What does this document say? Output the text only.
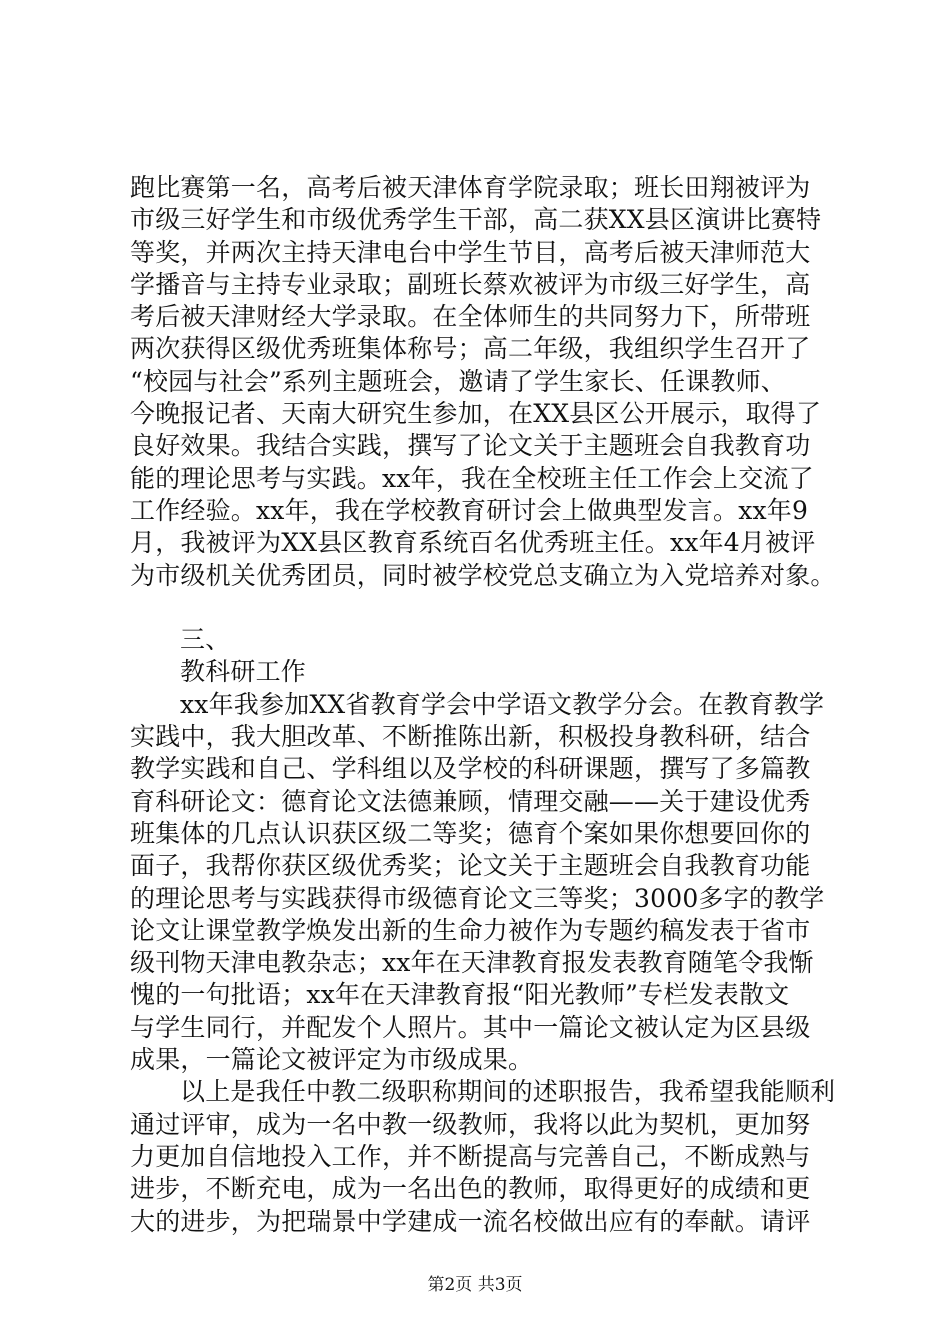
跑比赛第一名，高考后被天津体育学院录取；班长田翔被评为
市级三好学生和市级优秀学生干部，高二获XX县区演讲比赛特
等奖，并两次主持天津电台中学生节目，高考后被天津师范大
学播音与主持专业录取；副班长蔡欢被评为市级三好学生，高
考后被天津财经大学录取。在全体师生的共同努力下，所带班
两次获得区级优秀班集体称号；高二年级，我组织学生召开了
“校园与社会”系列主题班会，邀请了学生家长、任课教师、
今晚报记者、天南大研究生参加，在XX县区公开展示，取得了
良好效果。我结合实践，撰写了论文关于主题班会自我教育功
能的理论思考与实践。xx年，我在全校班主任工作会上交流了
工作经验。xx年，我在学校教育研讨会上做典型发言。xx年9
月，我被评为XX县区教育系统百名优秀班主任。xx年4月被评
为市级机关优秀团员，同时被学校党总支确立为入党培养对象。
三、
教科研工作
xx年我参加XX省教育学会中学语文教学分会。在教育教学
实践中，我大胆改革、不断推陈出新，积极投身教科研，结合
教学实践和自己、学科组以及学校的科研课题，撰写了多篇教
育科研论文：德育论文法德兼顾，情理交融——关于建设优秀
班集体的几点认识获区级二等奖；德育个案如果你想要回你的
面子，我帮你获区级优秀奖；论文关于主题班会自我教育功能
的理论思考与实践获得市级德育论文三等奖；3000多字的教学
论文让课堂教学焕发出新的生命力被作为专题约稿发表于省市
级刊物天津电教杂志；xx年在天津教育报发表教育随笔令我惭
愧的一句批语；xx年在天津教育报“阳光教师”专栏发表散文
与学生同行，并配发个人照片。其中一篇论文被认定为区县级
成果，一篇论文被评定为市级成果。
以上是我任中教二级职称期间的述职报告，我希望我能顺利
通过评审，成为一名中教一级教师，我将以此为契机，更加努
力更加自信地投入工作，并不断提高与完善自己，不断成熟与
进步，不断充电，成为一名出色的教师，取得更好的成绩和更
大的进步，为把瑞景中学建成一流名校做出应有的奉献。请评
第2页 共3页
